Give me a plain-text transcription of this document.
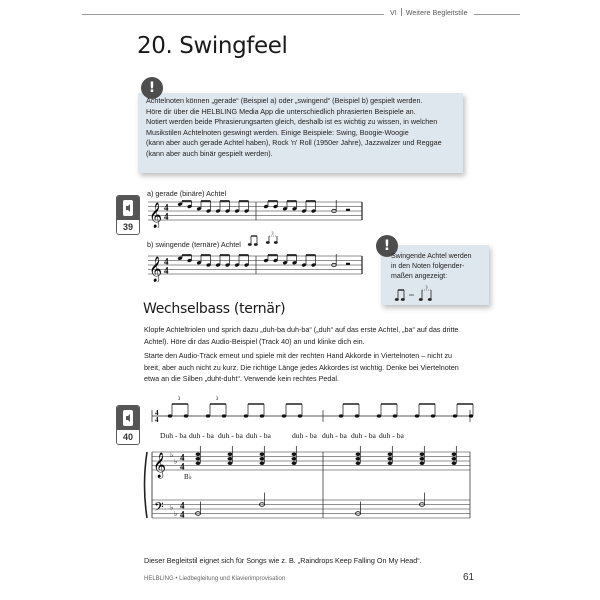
VI Weitere Begleitstile
20. Swingfeel
!
Achtelnoten können „gerade“ (Beispiel a) oder „swingend“ (Beispiel b) gespielt werden.
Höre dir über die HELBLING Media App die unterschiedlich phrasierten Beispiele an.
Notiert werden beide Phrasierungsarten gleich, deshalb ist es wichtig zu wissen, in welchen
Musikstilen Achtelnoten geswingt werden. Einige Beispiele: Swing, Boogie-Woogie
(kann aber auch gerade Achtel haben), Rock 'n' Roll (1950er Jahre), Jazzwalzer und Reggae
(kann aber auch binär gespielt werden).
a) gerade (binäre) Achtel
b) swingende (ternäre) Achtel
3
39 𝄞 4
4
𝄞 4
4
!
Swingende Achtel werden
in den Noten folgender-
maßen angezeigt:
3
Wechselbass (ternär)
Klopfe Achteltriolen und sprich dazu „duh-ba duh-ba“ („duh“ auf das erste Achtel, „ba“ auf das dritte
Achtel). Höre dir das Audio-Beispiel (Track 40) an und klinke dich ein.
Starte den Audio-Track erneut und spiele mit der rechten Hand Akkorde in Viertelnoten – nicht zu
breit, aber auch nicht zu kurz. Die richtige Länge jedes Akkordes ist wichtig. Denke bei Viertelnoten
etwa an die Silben „duht-duht“. Verwende kein rechtes Pedal.
40
4
4
3	3
𝄞
𝄢
♭
♭
♭
♭
4
4
4
4
Duh - ba duh - ba duh - ba duh - ba	duh - ba duh - ba duh - ba duh - ba
B♭
Dieser Begleitstil eignet sich für Songs wie z. B. „Raindrops Keep Falling On My Head“.
HELBLING • Liedbegleitung und Klavierimprovisation	61
